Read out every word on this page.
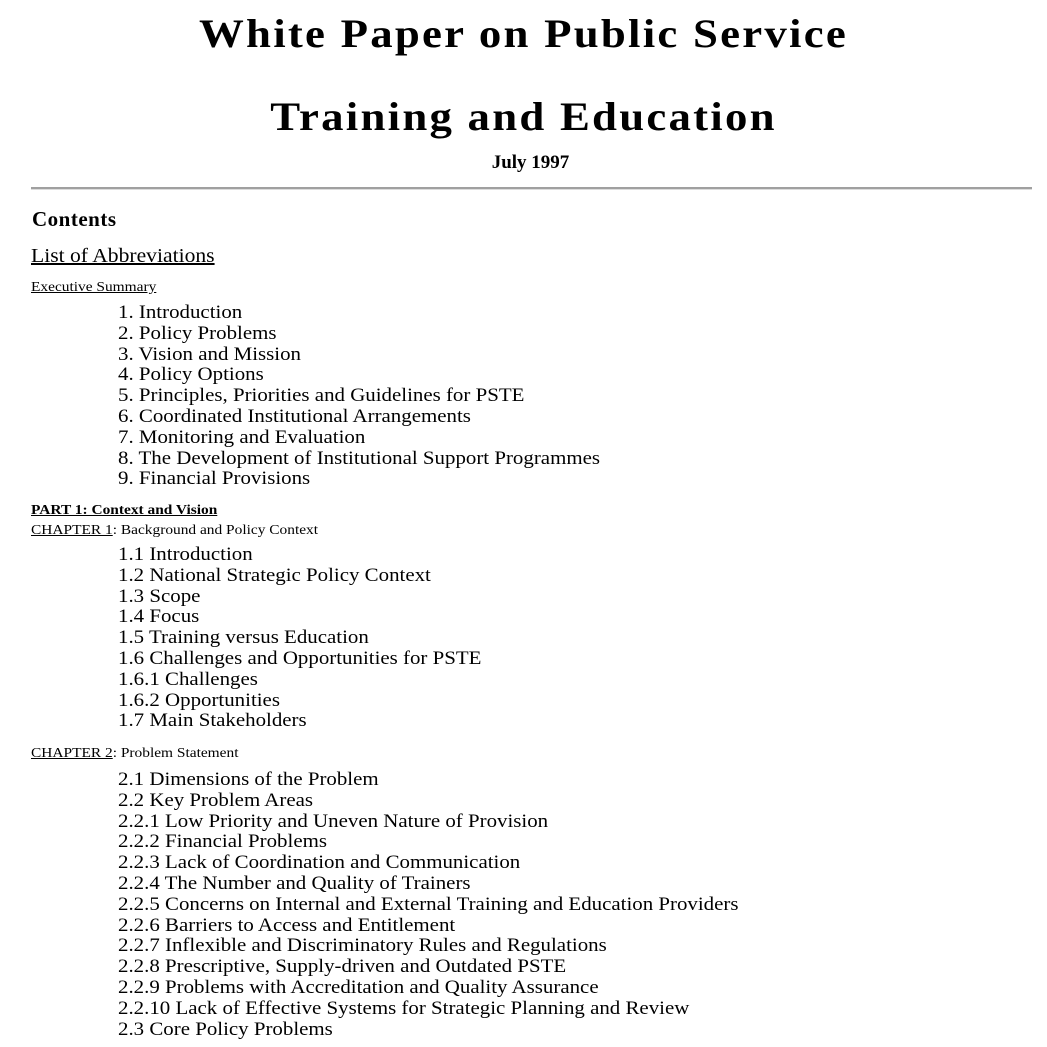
White Paper on Public Service
Training and Education
July 1997
Contents
List of Abbreviations
Executive Summary
1. Introduction
2. Policy Problems
3. Vision and Mission
4. Policy Options
5. Principles, Priorities and Guidelines for PSTE
6. Coordinated Institutional Arrangements
7. Monitoring and Evaluation
8. The Development of Institutional Support Programmes
9. Financial Provisions
PART 1: Context and Vision
CHAPTER 1: Background and Policy Context
1.1 Introduction
1.2 National Strategic Policy Context
1.3 Scope
1.4 Focus
1.5 Training versus Education
1.6 Challenges and Opportunities for PSTE
1.6.1 Challenges
1.6.2 Opportunities
1.7 Main Stakeholders
CHAPTER 2: Problem Statement
2.1 Dimensions of the Problem
2.2 Key Problem Areas
2.2.1 Low Priority and Uneven Nature of Provision
2.2.2 Financial Problems
2.2.3 Lack of Coordination and Communication
2.2.4 The Number and Quality of Trainers
2.2.5 Concerns on Internal and External Training and Education Providers
2.2.6 Barriers to Access and Entitlement
2.2.7 Inflexible and Discriminatory Rules and Regulations
2.2.8 Prescriptive, Supply-driven and Outdated PSTE
2.2.9 Problems with Accreditation and Quality Assurance
2.2.10 Lack of Effective Systems for Strategic Planning and Review
2.3 Core Policy Problems
